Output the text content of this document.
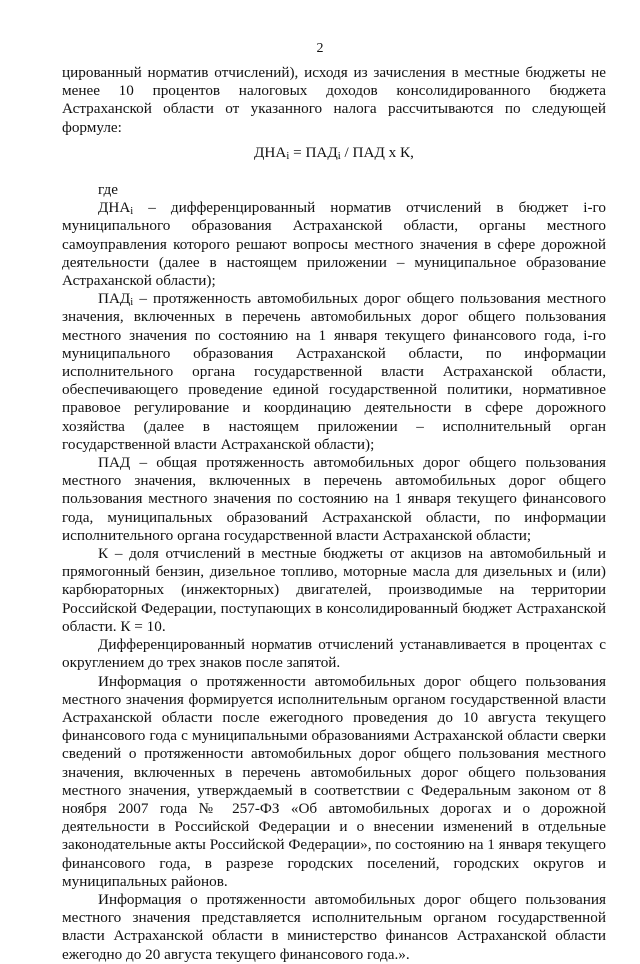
2

цированный норматив отчислений), исходя из зачисления в местные бюджеты не менее 10 процентов налоговых доходов консолидированного бюджета Астраханской области от указанного налога рассчитываются по следующей формуле:

$ДНА_i = ПАД_i$ / ПАД x К,

где

$ДНА_i$ – дифференцированный норматив отчислений в бюджет i-го муниципального образования Астраханской области, органы местного самоуправления которого решают вопросы местного значения в сфере дорожной деятельности (далее в настоящем приложении – муниципальное образование Астраханской области);

$ПАД_i$ – протяженность автомобильных дорог общего пользования местного значения, включенных в перечень автомобильных дорог общего пользования местного значения по состоянию на 1 января текущего финансового года, i-го муниципального образования Астраханской области, по информации исполнительного органа государственной власти Астраханской области, обеспечивающего проведение единой государственной политики, нормативное правовое регулирование и координацию деятельности в сфере дорожного хозяйства (далее в настоящем приложении – исполнительный орган государственной власти Астраханской области);

ПАД – общая протяженность автомобильных дорог общего пользования местного значения, включенных в перечень автомобильных дорог общего пользования местного значения по состоянию на 1 января текущего финансового года, муниципальных образований Астраханской области, по информации исполнительного органа государственной власти Астраханской области;

К – доля отчислений в местные бюджеты от акцизов на автомобильный и прямогонный бензин, дизельное топливо, моторные масла для дизельных и (или) карбюраторных (инжекторных) двигателей, производимые на территории Российской Федерации, поступающих в консолидированный бюджет Астраханской области. К = 10.

Дифференцированный норматив отчислений устанавливается в процентах с округлением до трех знаков после запятой.

Информация о протяженности автомобильных дорог общего пользования местного значения формируется исполнительным органом государственной власти Астраханской области после ежегодного проведения до 10 августа текущего финансового года с муниципальными образованиями Астраханской области сверки сведений о протяженности автомобильных дорог общего пользования местного значения, включенных в перечень автомобильных дорог общего пользования местного значения, утверждаемый в соответствии с Федеральным законом от 8 ноября 2007 года № 257-ФЗ «Об автомобильных дорогах и о дорожной деятельности в Российской Федерации и о внесении изменений в отдельные законодательные акты Российской Федерации», по состоянию на 1 января текущего финансового года, в разрезе городских поселений, городских округов и муниципальных районов.

Информация о протяженности автомобильных дорог общего пользования местного значения представляется исполнительным органом государственной власти Астраханской области в министерство финансов Астраханской области ежегодно до 20 августа текущего финансового года.».
